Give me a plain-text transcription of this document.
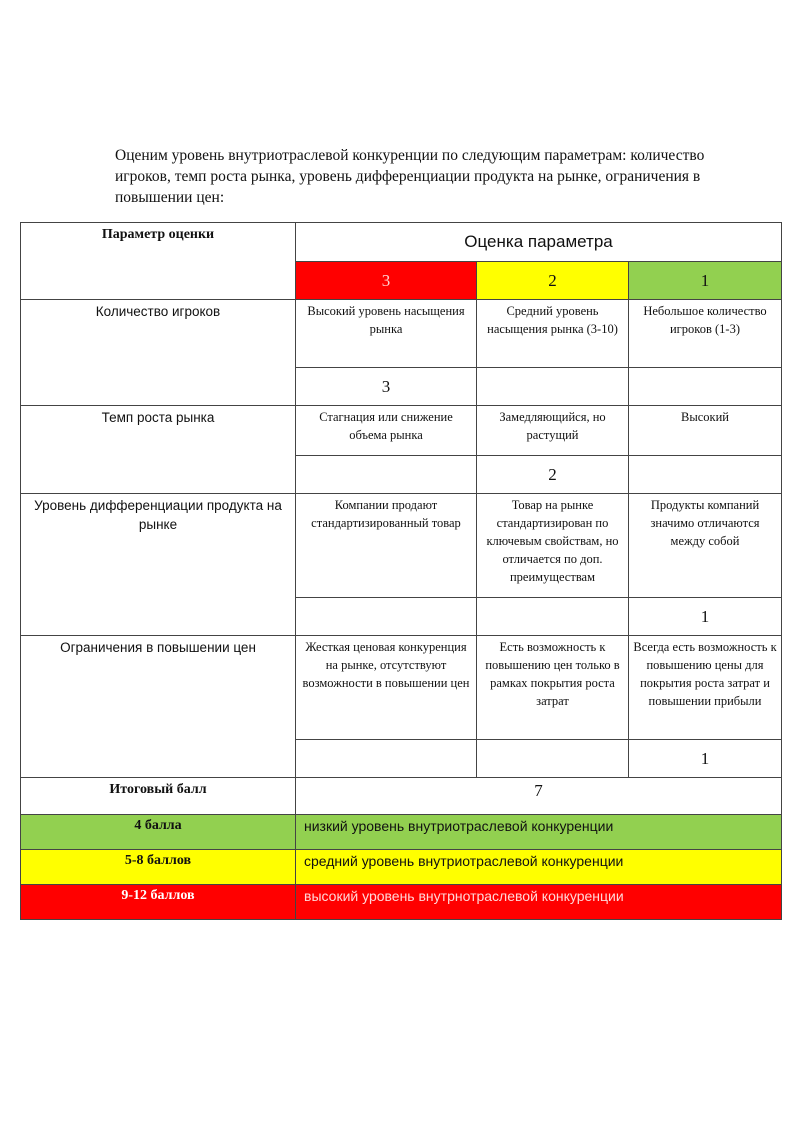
Оценим уровень внутриотраслевой конкуренции по следующим параметрам: количество
игроков, темп роста рынка, уровень дифференциации продукта на рынке, ограничения в
повышении цен:

Параметр оценки	Оценка параметра		
	3	2	1
Количество игроков	Высокий уровень насыщения рынка	Средний уровень насыщения рынка (3-10)	Небольшое количество игроков (1-3)
	3		
Темп роста рынка	Стагнация или снижение объема рынка	Замедляющийся, но растущий	Высокий
		2	
Уровень дифференциации продукта на рынке	Компании продают стандартизированный товар	Товар на рынке стандартизирован по ключевым свойствам, но отличается по доп. преимуществам	Продукты компаний значимо отличаются между собой
			1
Ограничения в повышении цен	Жесткая ценовая конкуренция на рынке, отсутствуют возможности в повышении цен	Есть возможность к повышению цен только в рамках покрытия роста затрат	Всегда есть возможность к повышению цены для покрытия роста затрат и повышении прибыли
			1
Итоговый балл	7		
4 балла	низкий уровень внутриотраслевой конкуренции		
5-8 баллов	средний уровень внутриотраслевой конкуренции		
9-12 баллов	высокий уровень внутрнотраслевой конкуренции		
